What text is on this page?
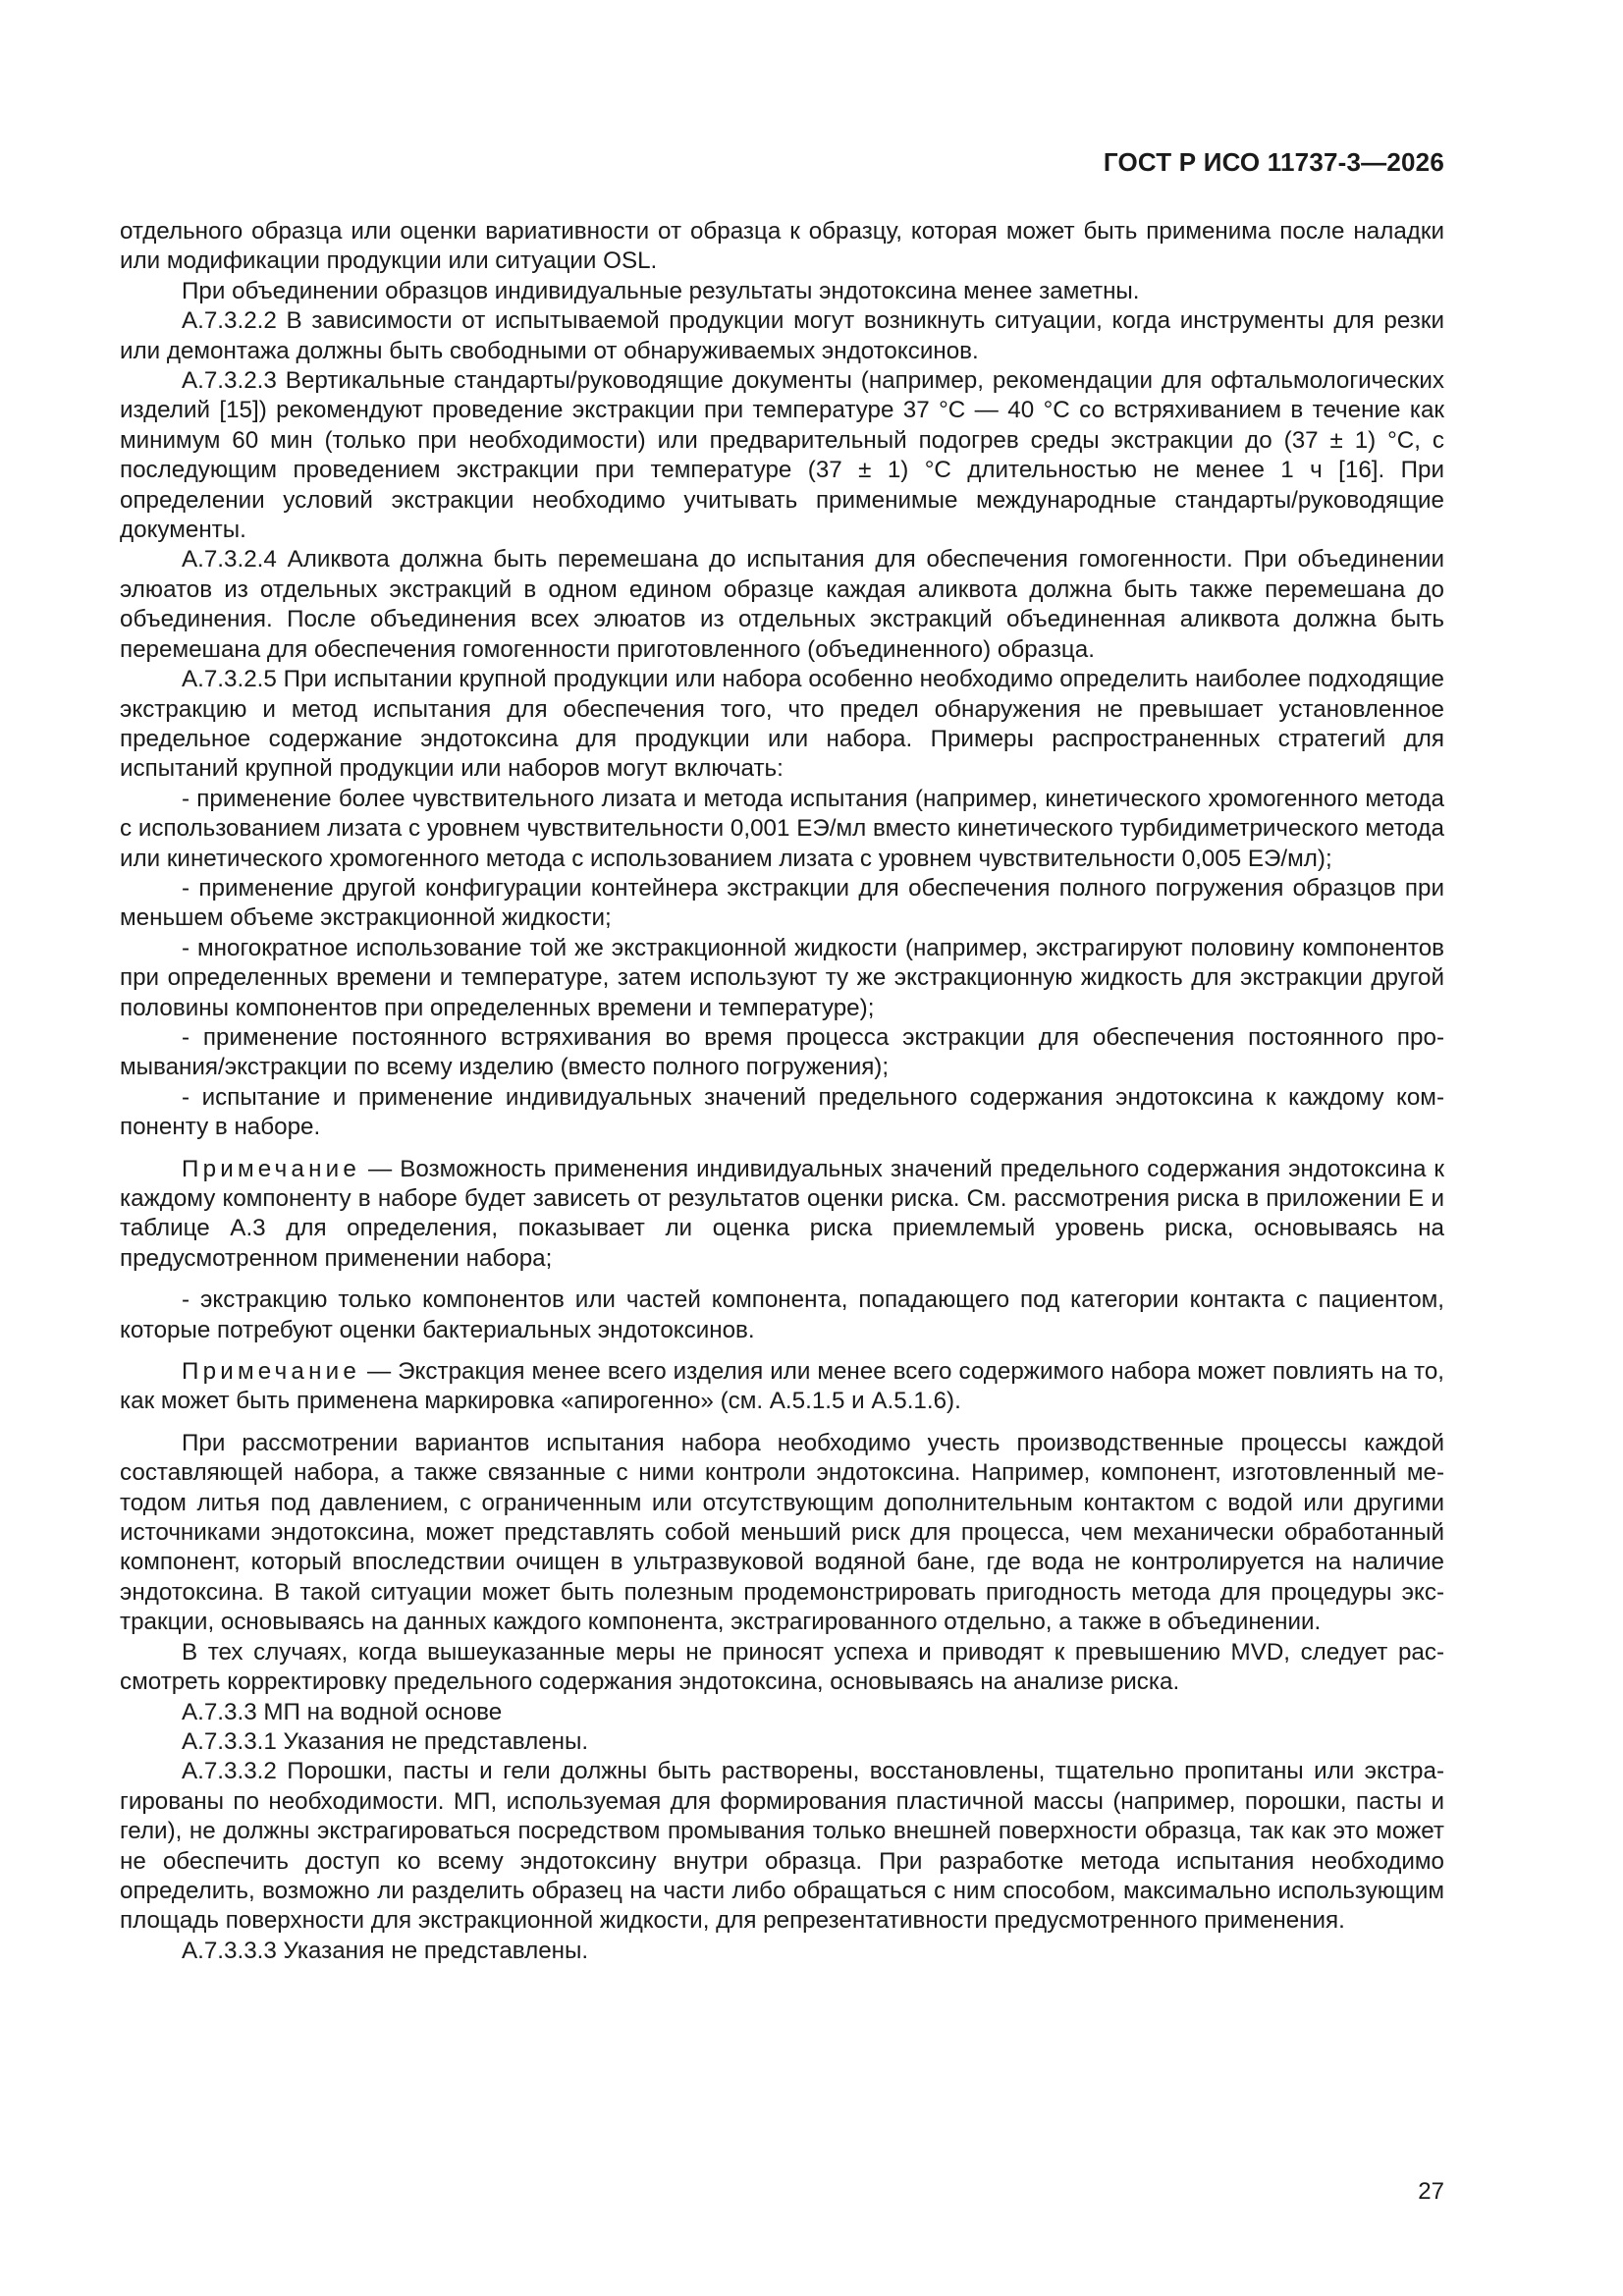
ГОСТ Р ИСО 11737-3—2026

отдельного образца или оценки вариативности от образца к образцу, которая может быть применима после наладки или модификации продукции или ситуации OSL.

При объединении образцов индивидуальные результаты эндотоксина менее заметны.

А.7.3.2.2 В зависимости от испытываемой продукции могут возникнуть ситуации, когда инструменты для резки или демонтажа должны быть свободными от обнаруживаемых эндотоксинов.

А.7.3.2.3 Вертикальные стандарты/руководящие документы (например, рекомендации для офтальмологических изделий [15]) рекомендуют проведение экстракции при температуре 37 °С — 40 °С со встряхиванием в течение как минимум 60 мин (только при необходимости) или предварительный подогрев среды экстракции до (37 ± 1) °С, с последующим проведением экстракции при температуре (37 ± 1) °С длительностью не менее 1 ч [16]. При определении условий экстракции необходимо учитывать применимые международные стандарты/руководящие документы.

А.7.3.2.4 Аликвота должна быть перемешана до испытания для обеспечения гомогенности. При объединении элюатов из отдельных экстракций в одном едином образце каждая аликвота должна быть также перемешана до объединения. После объединения всех элюатов из отдельных экстракций объединенная аликвота должна быть перемешана для обеспечения гомогенности приготовленного (объединенного) образца.

А.7.3.2.5 При испытании крупной продукции или набора особенно необходимо определить наиболее подходящие экстракцию и метод испытания для обеспечения того, что предел обнаружения не превышает установленное предельное содержание эндотоксина для продукции или набора. Примеры распространенных стратегий для испытаний крупной продукции или наборов могут включать:

- применение более чувствительного лизата и метода испытания (например, кинетического хромогенного метода с использованием лизата с уровнем чувствительности 0,001 ЕЭ/мл вместо кинетического турбидиметрического метода или кинетического хромогенного метода с использованием лизата с уровнем чувствительности 0,005 ЕЭ/мл);

- применение другой конфигурации контейнера экстракции для обеспечения полного погружения образцов при меньшем объеме экстракционной жидкости;

- многократное использование той же экстракционной жидкости (например, экстрагируют половину компонентов при определенных времени и температуре, затем используют ту же экстракционную жидкость для экстракции другой половины компонентов при определенных времени и температуре);

- применение постоянного встряхивания во время процесса экстракции для обеспечения постоянного промывания/экстракции по всему изделию (вместо полного погружения);

- испытание и применение индивидуальных значений предельного содержания эндотоксина к каждому компоненту в наборе.

Примечание — Возможность применения индивидуальных значений предельного содержания эндотоксина к каждому компоненту в наборе будет зависеть от результатов оценки риска. См. рассмотрения риска в приложении Е и таблице А.3 для определения, показывает ли оценка риска приемлемый уровень риска, основываясь на предусмотренном применении набора;

- экстракцию только компонентов или частей компонента, попадающего под категории контакта с пациентом, которые потребуют оценки бактериальных эндотоксинов.

Примечание — Экстракция менее всего изделия или менее всего содержимого набора может повлиять на то, как может быть применена маркировка «апирогенно» (см. А.5.1.5 и А.5.1.6).

При рассмотрении вариантов испытания набора необходимо учесть производственные процессы каждой составляющей набора, а также связанные с ними контроли эндотоксина. Например, компонент, изготовленный методом литья под давлением, с ограниченным или отсутствующим дополнительным контактом с водой или другими источниками эндотоксина, может представлять собой меньший риск для процесса, чем механически обработанный компонент, который впоследствии очищен в ультразвуковой водяной бане, где вода не контролируется на наличие эндотоксина. В такой ситуации может быть полезным продемонстрировать пригодность метода для процедуры экстракции, основываясь на данных каждого компонента, экстрагированного отдельно, а также в объединении.

В тех случаях, когда вышеуказанные меры не приносят успеха и приводят к превышению MVD, следует рассмотреть корректировку предельного содержания эндотоксина, основываясь на анализе риска.

А.7.3.3 МП на водной основе

А.7.3.3.1 Указания не представлены.

А.7.3.3.2 Порошки, пасты и гели должны быть растворены, восстановлены, тщательно пропитаны или экстрагированы по необходимости. МП, используемая для формирования пластичной массы (например, порошки, пасты и гели), не должны экстрагироваться посредством промывания только внешней поверхности образца, так как это может не обеспечить доступ ко всему эндотоксину внутри образца. При разработке метода испытания необходимо определить, возможно ли разделить образец на части либо обращаться с ним способом, максимально использующим площадь поверхности для экстракционной жидкости, для репрезентативности предусмотренного применения.

А.7.3.3.3 Указания не представлены.

27
